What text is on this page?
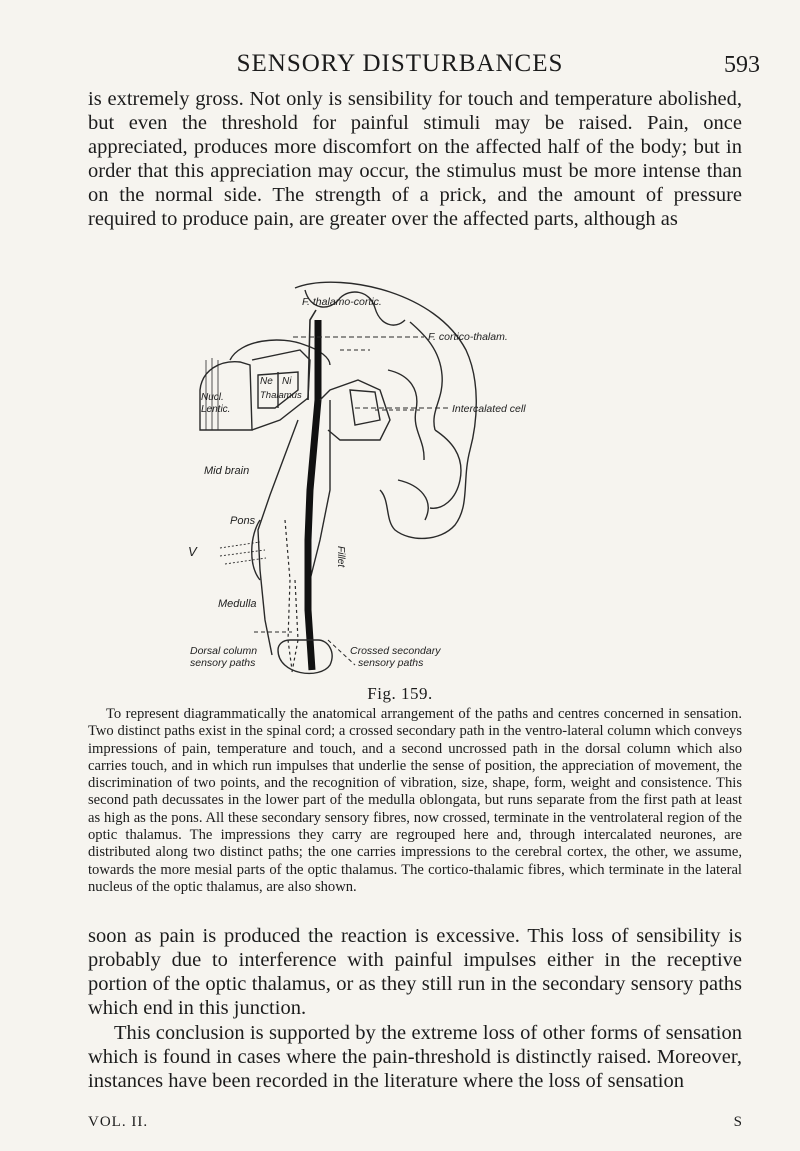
SENSORY DISTURBANCES	593

is extremely gross. Not only is sensibility for touch and temperature abolished, but even the threshold for painful stimuli may be raised. Pain, once appreciated, produces more discomfort on the affected half of the body; but in order that this appreciation may occur, the stimulus must be more intense than on the normal side. The strength of a prick, and the amount of pressure required to produce pain, are greater over the affected parts, although as

F. thalamo-cortic.
F. cortico-thalam.
Intercalated cell
Nucl.
Lentic.
Ne Ni
Thalamus
Mid brain
Pons
V
Medulla
Fillet
Dorsal column
sensory paths
Crossed secondary
sensory paths
Fig. 159.

To represent diagrammatically the anatomical arrangement of the paths and centres concerned in sensation. Two distinct paths exist in the spinal cord; a crossed secondary path in the ventro-lateral column which conveys impressions of pain, temperature and touch, and a second uncrossed path in the dorsal column which also carries touch, and in which run impulses that underlie the sense of position, the appreciation of movement, the discrimination of two points, and the recognition of vibration, size, shape, form, weight and consistence. This second path decussates in the lower part of the medulla oblongata, but runs separate from the first path at least as high as the pons. All these secondary sensory fibres, now crossed, terminate in the ventrolateral region of the optic thalamus. The impressions they carry are regrouped here and, through intercalated neurones, are distributed along two distinct paths; the one carries impressions to the cerebral cortex, the other, we assume, towards the more mesial parts of the optic thalamus. The cortico-thalamic fibres, which terminate in the lateral nucleus of the optic thalamus, are also shown.

soon as pain is produced the reaction is excessive. This loss of sensibility is probably due to interference with painful impulses either in the receptive portion of the optic thalamus, or as they still run in the secondary sensory paths which end in this junction.

This conclusion is supported by the extreme loss of other forms of sensation which is found in cases where the pain-threshold is distinctly raised. Moreover, instances have been recorded in the literature where the loss of sensation

VOL. II.	S
